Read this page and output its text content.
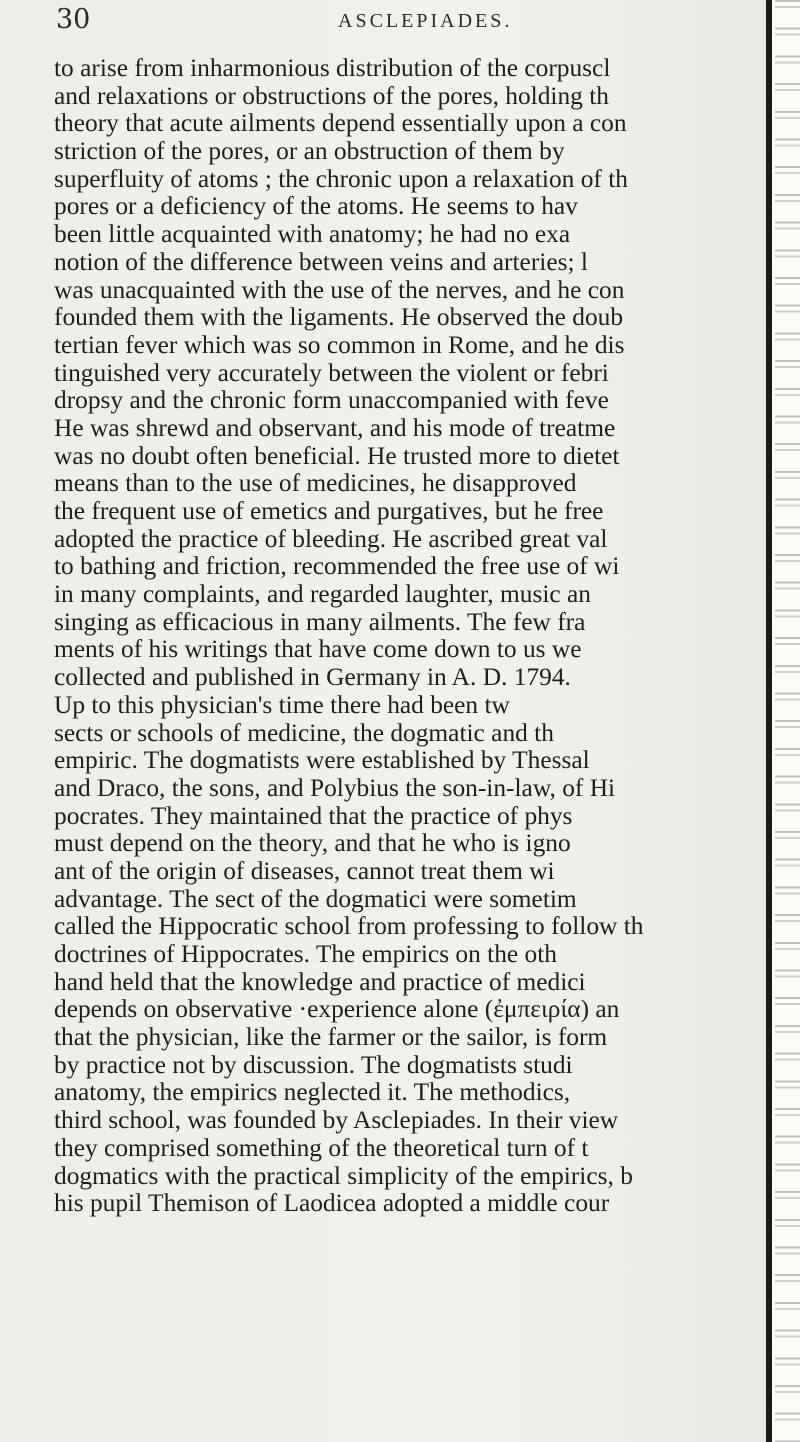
30	ASCLEPIADES.
to arise from inharmonious distribution of the corpuscl
and relaxations or obstructions of the pores, holding th
theory that acute ailments depend essentially upon a con
striction of the pores, or an obstruction of them by
superfluity of atoms ; the chronic upon a relaxation of th
pores or a deficiency of the atoms. He seems to hav
been little acquainted with anatomy; he had no exa
notion of the difference between veins and arteries; l
was unacquainted with the use of the nerves, and he con
founded them with the ligaments. He observed the doub
tertian fever which was so common in Rome, and he dis
tinguished very accurately between the violent or febri
dropsy and the chronic form unaccompanied with feve
He was shrewd and observant, and his mode of treatme
was no doubt often beneficial. He trusted more to dietet
means than to the use of medicines, he disapproved
the frequent use of emetics and purgatives, but he free
adopted the practice of bleeding. He ascribed great val
to bathing and friction, recommended the free use of wi
in many complaints, and regarded laughter, music an
singing as efficacious in many ailments. The few fra
ments of his writings that have come down to us we
collected and published in Germany in A. D. 1794.
Up to this physician's time there had been tw
sects or schools of medicine, the dogmatic and th
empiric. The dogmatists were established by Thessal
and Draco, the sons, and Polybius the son-in-law, of Hi
pocrates. They maintained that the practice of phys
must depend on the theory, and that he who is igno
ant of the origin of diseases, cannot treat them wi
advantage. The sect of the dogmatici were sometim
called the Hippocratic school from professing to follow th
doctrines of Hippocrates. The empirics on the oth
hand held that the knowledge and practice of medici
depends on observative ·experience alone (ἐμπειρία) an
that the physician, like the farmer or the sailor, is form
by practice not by discussion. The dogmatists studi
anatomy, the empirics neglected it. The methodics,
third school, was founded by Asclepiades. In their view
they comprised something of the theoretical turn of t
dogmatics with the practical simplicity of the empirics, b
his pupil Themison of Laodicea adopted a middle cour
